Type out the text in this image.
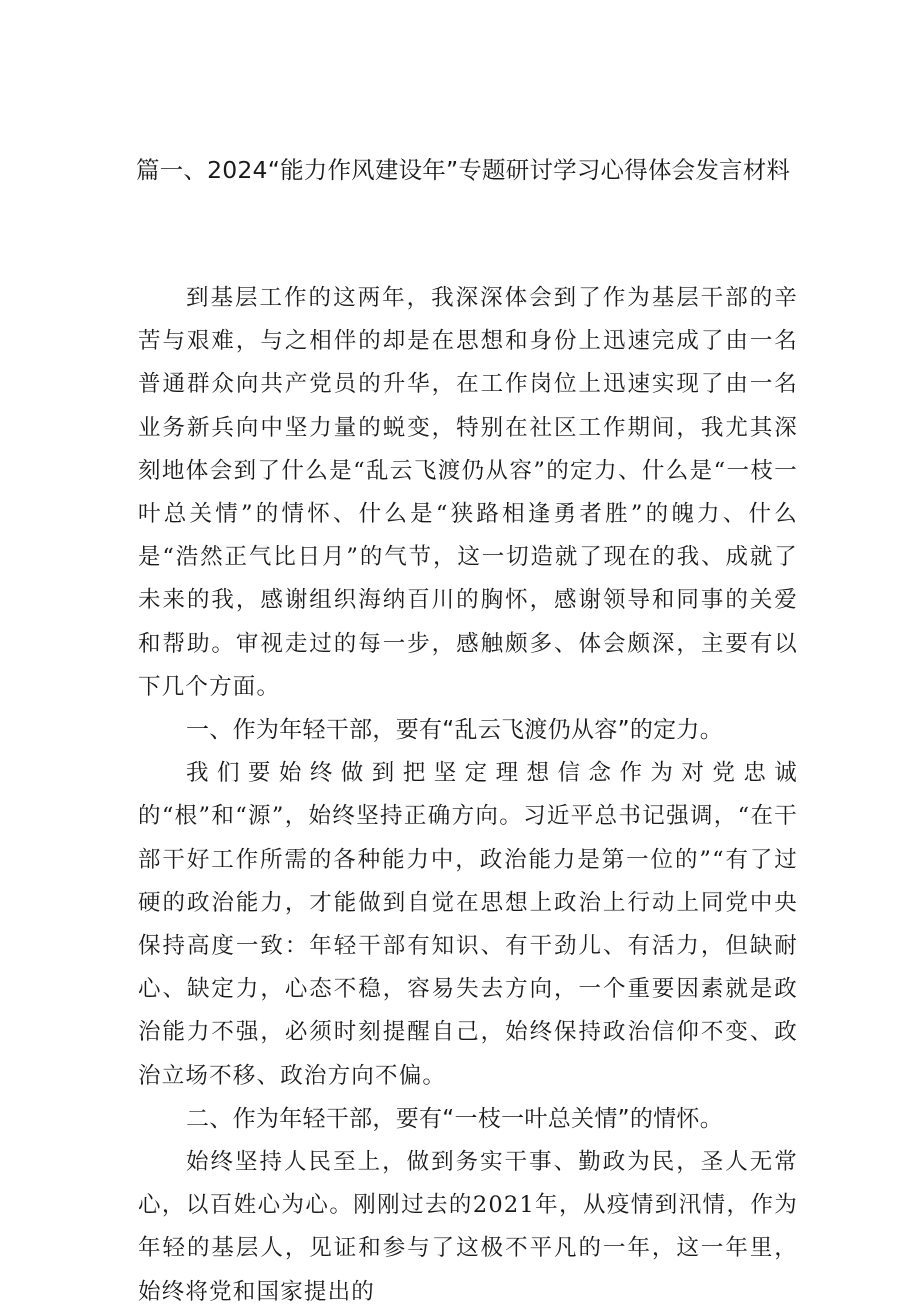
篇一、2024“能力作风建设年”专题研讨学习心得体会发言材料

到基层工作的这两年，我深深体会到了作为基层干部的辛苦与艰难，与之相伴的却是在思想和身份上迅速完成了由一名普通群众向共产党员的升华，在工作岗位上迅速实现了由一名业务新兵向中坚力量的蜕变，特别在社区工作期间，我尤其深刻地体会到了什么是“乱云飞渡仍从容”的定力、什么是“一枝一叶总关情”的情怀、什么是“狭路相逢勇者胜”的魄力、什么是“浩然正气比日月”的气节，这一切造就了现在的我、成就了未来的我，感谢组织海纳百川的胸怀，感谢领导和同事的关爱和帮助。审视走过的每一步，感触颇多、体会颇深，主要有以下几个方面。

一、作为年轻干部，要有“乱云飞渡仍从容”的定力。

我们要始终做到把坚定理想信念作为对党忠诚的“根”和“源”，始终坚持正确方向。习近平总书记强调，“在干部干好工作所需的各种能力中，政治能力是第一位的”“有了过硬的政治能力，才能做到自觉在思想上政治上行动上同党中央保持高度一致：年轻干部有知识、有干劲儿、有活力，但缺耐心、缺定力，心态不稳，容易失去方向，一个重要因素就是政治能力不强，必须时刻提醒自己，始终保持政治信仰不变、政治立场不移、政治方向不偏。

二、作为年轻干部，要有“一枝一叶总关情”的情怀。

始终坚持人民至上，做到务实干事、勤政为民，圣人无常心，以百姓心为心。刚刚过去的2021年，从疫情到汛情，作为年轻的基层人，见证和参与了这极不平凡的一年，这一年里，始终将党和国家提出的
